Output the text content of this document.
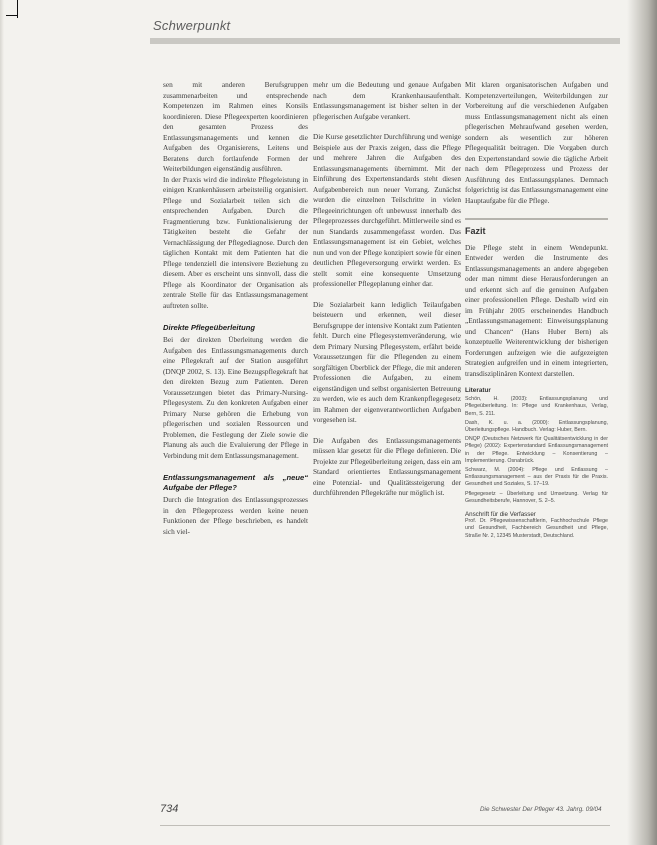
Schwerpunkt

sen mit anderen Berufsgruppen zusammenarbeiten und entsprechende Kompetenzen im Rahmen eines Konsils koordinieren. Diese Pflegeexperten koordinieren den gesamten Prozess des Entlassungsmanagements und kennen die Aufgaben des Organisierens, Leitens und Beratens durch fortlaufende Formen der Weiterbildungen eigenständig ausführen.

In der Praxis wird die indirekte Pflegeleistung in einigen Krankenhäusern arbeitsteilig organisiert. Pflege und Sozialarbeit teilen sich die entsprechenden Aufgaben. Durch die Fragmentierung bzw. Funktionalisierung der Tätigkeiten besteht die Gefahr der Vernachlässigung der Pflegediagnose. Durch den täglichen Kontakt mit dem Patienten hat die Pflege tendenziell die intensivere Beziehung zu diesem. Aber es erscheint uns sinnvoll, dass die Pflege als Koordinator der Organisation als zentrale Stelle für das Entlassungsmanagement auftreten sollte.

Direkte Pflegeüberleitung

Bei der direkten Überleitung werden die Aufgaben des Entlassungsmanagements durch eine Pflegekraft auf der Station ausgeführt (DNQP 2002, S. 13). Eine Bezugspflegekraft hat den direkten Bezug zum Patienten. Deren Voraussetzungen bietet das Primary-Nursing-Pflegesystem. Zu den konkreten Aufgaben einer Primary Nurse gehören die Erhebung von pflegerischen und sozialen Ressourcen und Problemen, die Festlegung der Ziele sowie die Planung als auch die Evaluierung der Pflege in Verbindung mit dem Entlassungsmanagement.

Entlassungsmanagement als „neue“ Aufgabe der Pflege?

Durch die Integration des Entlassungsprozesses in den Pflegeprozess werden keine neuen Funktionen der Pflege beschrieben, es handelt sich viel-

mehr um die Bedeutung und genaue Aufgaben nach dem Krankenhausaufenthalt. Entlassungsmanagement ist bisher selten in der pflegerischen Aufgabe verankert.

Die Kurse gesetzlichter Durchführung und wenige Beispiele aus der Praxis zeigen, dass die Pflege und mehrere Jahren die Aufgaben des Entlassungsmanagements übernimmt. Mit der Einführung des Expertenstandards steht diesen Aufgabenbereich nun neuer Vorrang. Zunächst wurden die einzelnen Teilschritte in vielen Pflegeeinrichtungen oft unbewusst innerhalb des Pflegeprozesses durchgeführt. Mittlerweile sind es nun Standards zusammengefasst worden. Das Entlassungsmanagement ist ein Gebiet, welches nun und von der Pflege konzipiert sowie für einen deutlichen Pflegeversorgung erwirkt werden. Es stellt somit eine konsequente Umsetzung professioneller Pflegeplanung einher dar.

Die Sozialarbeit kann lediglich Teilaufgaben beisteuern und erkennen, weil dieser Berufsgruppe der intensive Kontakt zum Patienten fehlt. Durch eine Pflegesystemveränderung, wie dem Primary Nursing Pflegesystem, erfährt beide Voraussetzungen für die Pflegenden zu einem sorgfältigen Überblick der Pflege, die mit anderen Professionen die Aufgaben, zu einem eigenständigen und selbst organisierten Betreuung zu werden, wie es auch dem Krankenpflegegesetz im Rahmen der eigenverantwortlichen Aufgaben vorgesehen ist.

Die Aufgaben des Entlassungsmanagements müssen klar gesetzt für die Pflege definieren. Die Projekte zur Pflegeüberleitung zeigen, dass ein am Standard orientiertes Entlassungsmanagement eine Potenzial- und Qualitätssteigerung der durchführenden Pflegekräfte nur möglich ist.

Mit klaren organisatorischen Aufgaben und Kompetenzverteilungen, Weiterbildungen zur Vorbereitung auf die verschiedenen Aufgaben muss Entlassungsmanagement nicht als einen pflegerischen Mehraufwand gesehen werden, sondern als wesentlich zur höheren Pflegequalität beitragen. Die Vorgaben durch den Expertenstandard sowie die tägliche Arbeit nach dem Pflegeprozess und Prozess der Ausführung des Entlassungsplanes. Demnach folgerichtig ist das Entlassungsmanagement eine Hauptaufgabe für die Pflege.

Fazit

Die Pflege steht in einem Wendepunkt. Entweder werden die Instrumente des Entlassungsmanagements an andere abgegeben oder man nimmt diese Herausforderungen an und erkennt sich auf die genuinen Aufgaben einer professionellen Pflege. Deshalb wird ein im Frühjahr 2005 erscheinendes Handbuch „Entlassungsmanagement: Einweisungsplanung und Chancen“ (Hans Huber Bern) als konzeptuelle Weiterentwicklung der bisherigen Forderungen aufzeigen wie die aufgezeigten Strategien aufgreifen und in einem integrierten, transdisziplinären Kontext darstellen.

Literatur

Schön, H. (2003): Entlassungsplanung und Pflegeüberleitung. In: Pflege und Krankenhaus, Verlag, Bern, S. 211.

Dash, K. u. a. (2000): Entlassungsplanung, Überleitungspflege. Handbuch. Verlag: Huber, Bern.

DNQP (Deutsches Netzwerk für Qualitätsentwicklung in der Pflege) (2002): Expertenstandard Entlassungsmanagement in der Pflege. Entwicklung – Konsentierung – Implementierung. Osnabrück.

Schwarz, M. (2004): Pflege und Entlassung – Entlassungsmanagement – aus der Praxis für die Praxis. Gesundheit und Soziales, S. 17–19.

Pflegegesetz – Überleitung und Umsetzung. Verlag für Gesundheitsberufe, Hannover, S. 2–5.

Anschrift für die Verfasser

Prof. Dr. Pflegewissenschaftlerin, Fachhochschule Pflege und Gesundheit, Fachbereich Gesundheit und Pflege, Straße Nr. 2, 12345 Musterstadt, Deutschland.

734	Die Schwester Der Pfleger 43. Jahrg. 09/04
